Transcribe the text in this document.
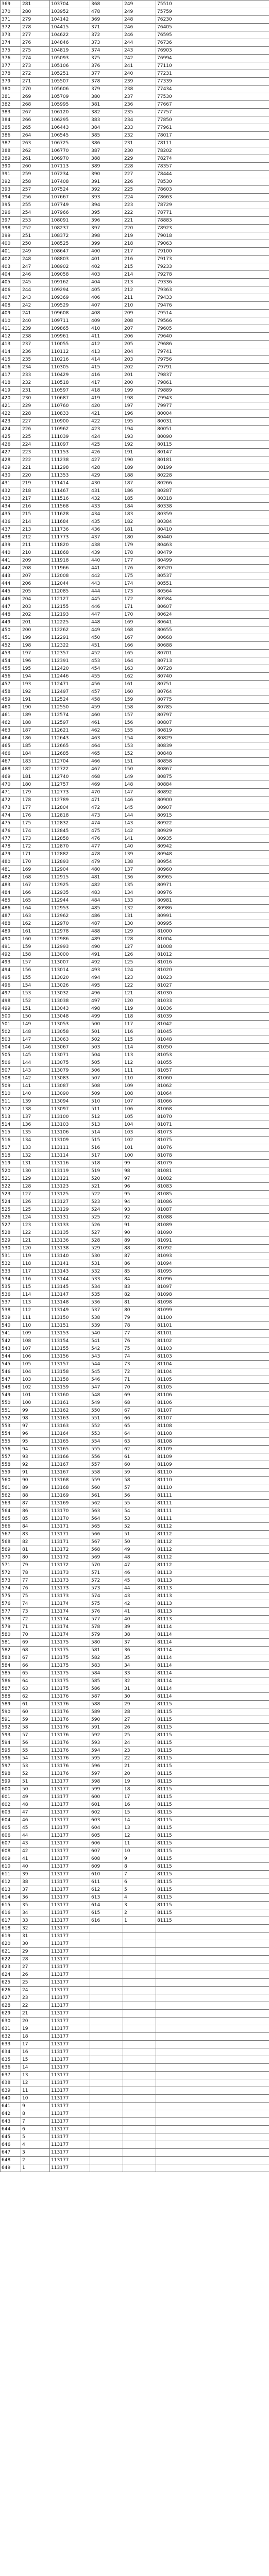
369	281	103704	368	249	75510
370	280	103952	478	249	75759
371	279	104142	369	248	76230
372	278	104415	371	246	76405
373	277	104622	372	246	76595
374	276	104846	373	244	76736
375	275	104819	374	243	76903
376	274	105093	375	242	76994
377	273	105106	376	241	77110
378	272	105251	377	240	77231
379	271	105507	378	239	77339
380	270	105606	379	238	77434
381	269	105709	380	237	77530
382	268	105995	381	236	77667
383	267	106120	382	235	77757
384	266	106295	383	234	77850
385	265	106443	384	233	77961
386	264	106545	385	232	78017
387	263	106725	386	231	78111
388	262	106770	387	230	78202
389	261	106970	388	229	78274
390	260	107113	389	228	78357
391	259	107234	390	227	78444
392	258	107408	391	226	78530
393	257	107524	392	225	78603
394	256	107667	393	224	78663
395	255	107749	394	223	78729
396	254	107966	395	222	78771
397	253	108091	396	221	78883
398	252	108237	397	220	78923
399	251	108372	398	219	79018
400	250	108525	399	218	79063
401	249	108647	400	217	79100
402	248	108803	401	216	79173
403	247	108902	402	215	79233
404	246	109058	403	214	79278
405	245	109162	404	213	79336
406	244	109294	405	212	79363
407	243	109369	406	211	79433
408	242	109529	407	210	79476
409	241	109608	408	209	79514
410	240	109711	409	208	79566
411	239	109865	410	207	79605
412	238	109961	411	206	79640
413	237	110055	412	205	79686
414	236	110112	413	204	79741
415	235	110216	414	203	79756
416	234	110305	415	202	79791
417	233	110429	416	201	79837
418	232	110518	417	200	79861
419	231	110597	418	199	79889
420	230	110687	419	198	79943
421	229	110760	420	197	79977
422	228	110833	421	196	80004
423	227	110900	422	195	80031
424	226	110962	423	194	80051
425	225	111039	424	193	80090
426	224	111097	425	192	80115
427	223	111153	426	191	80147
428	222	111238	427	190	80181
429	221	111298	428	189	80199
430	220	111353	429	188	80228
431	219	111414	430	187	80266
432	218	111467	431	186	80287
433	217	111516	432	185	80318
434	216	111568	433	184	80338
435	215	111628	434	183	80359
436	214	111684	435	182	80384
437	213	111736	436	181	80410
438	212	111773	437	180	80440
439	211	111820	438	179	80463
440	210	111868	439	178	80479
441	209	111918	440	177	80499
442	208	111966	441	176	80520
443	207	112008	442	175	80537
444	206	112044	443	174	80551
445	205	112085	444	173	80564
446	204	112127	445	172	80584
447	203	112155	446	171	80607
448	202	112193	447	170	80624
449	201	112225	448	169	80641
450	200	112262	449	168	80655
451	199	112291	450	167	80668
452	198	112322	451	166	80688
453	197	112357	452	165	80701
454	196	112391	453	164	80713
455	195	112420	454	163	80728
456	194	112446	455	162	80740
457	193	112471	456	161	80751
458	192	112497	457	160	80764
459	191	112524	458	159	80775
460	190	112550	459	158	80785
461	189	112574	460	157	80797
462	188	112597	461	156	80807
463	187	112621	462	155	80819
464	186	112643	463	154	80829
465	185	112665	464	153	80839
466	184	112685	465	152	80848
467	183	112704	466	151	80858
468	182	112722	467	150	80867
469	181	112740	468	149	80875
470	180	112757	469	148	80884
471	179	112773	470	147	80892
472	178	112789	471	146	80900
473	177	112804	472	145	80907
474	176	112818	473	144	80915
475	175	112832	474	143	80922
476	174	112845	475	142	80929
477	173	112858	476	141	80935
478	172	112870	477	140	80942
479	171	112882	478	139	80948
480	170	112893	479	138	80954
481	169	112904	480	137	80960
482	168	112915	481	136	80965
483	167	112925	482	135	80971
484	166	112935	483	134	80976
485	165	112944	484	133	80981
486	164	112953	485	132	80986
487	163	112962	486	131	80991
488	162	112970	487	130	80995
489	161	112978	488	129	81000
490	160	112986	489	128	81004
491	159	112993	490	127	81008
492	158	113000	491	126	81012
493	157	113007	492	125	81016
494	156	113014	493	124	81020
495	155	113020	494	123	81023
496	154	113026	495	122	81027
497	153	113032	496	121	81030
498	152	113038	497	120	81033
499	151	113043	498	119	81036
500	150	113048	499	118	81039
501	149	113053	500	117	81042
502	148	113058	501	116	81045
503	147	113063	502	115	81048
504	146	113067	503	114	81050
505	145	113071	504	113	81053
506	144	113075	505	112	81055
507	143	113079	506	111	81057
508	142	113083	507	110	81060
509	141	113087	508	109	81062
510	140	113090	509	108	81064
511	139	113094	510	107	81066
512	138	113097	511	106	81068
513	137	113100	512	105	81070
514	136	113103	513	104	81071
515	135	113106	514	103	81073
516	134	113109	515	102	81075
517	133	113111	516	101	81076
518	132	113114	517	100	81078
519	131	113116	518	99	81079
520	130	113119	519	98	81081
521	129	113121	520	97	81082
522	128	113123	521	96	81083
523	127	113125	522	95	81085
524	126	113127	523	94	81086
525	125	113129	524	93	81087
526	124	113131	525	92	81088
527	123	113133	526	91	81089
528	122	113135	527	90	81090
529	121	113136	528	89	81091
530	120	113138	529	88	81092
531	119	113140	530	87	81093
532	118	113141	531	86	81094
533	117	113143	532	85	81095
534	116	113144	533	84	81096
535	115	113145	534	83	81097
536	114	113147	535	82	81098
537	113	113148	536	81	81098
538	112	113149	537	80	81099
539	111	113150	538	79	81100
540	110	113151	539	78	81101
541	109	113153	540	77	81101
542	108	113154	541	76	81102
543	107	113155	542	75	81103
544	106	113156	543	74	81103
545	105	113157	544	73	81104
546	104	113158	545	72	81104
547	103	113158	546	71	81105
548	102	113159	547	70	81105
549	101	113160	548	69	81106
550	100	113161	549	68	81106
551	99	113162	550	67	81107
552	98	113163	551	66	81107
553	97	113163	552	65	81108
554	96	113164	553	64	81108
555	95	113165	554	63	81108
556	94	113165	555	62	81109
557	93	113166	556	61	81109
558	92	113167	557	60	81109
559	91	113167	558	59	81110
560	90	113168	559	58	81110
561	89	113168	560	57	81110
562	88	113169	561	56	81111
563	87	113169	562	55	81111
564	86	113170	563	54	81111
565	85	113170	564	53	81111
566	84	113171	565	52	81112
567	83	113171	566	51	81112
568	82	113171	567	50	81112
569	81	113172	568	49	81112
570	80	113172	569	48	81112
571	79	113172	570	47	81112
572	78	113173	571	46	81113
573	77	113173	572	45	81113
574	76	113173	573	44	81113
575	75	113173	574	43	81113
576	74	113174	575	42	81113
577	73	113174	576	41	81113
578	72	113174	577	40	81113
579	71	113174	578	39	81114
580	70	113174	579	38	81114
581	69	113175	580	37	81114
582	68	113175	581	36	81114
583	67	113175	582	35	81114
584	66	113175	583	34	81114
585	65	113175	584	33	81114
586	64	113175	585	32	81114
587	63	113175	586	31	81114
588	62	113176	587	30	81114
589	61	113176	588	29	81115
590	60	113176	589	28	81115
591	59	113176	590	27	81115
592	58	113176	591	26	81115
593	57	113176	592	25	81115
594	56	113176	593	24	81115
595	55	113176	594	23	81115
596	54	113176	595	22	81115
597	53	113176	596	21	81115
598	52	113176	597	20	81115
599	51	113177	598	19	81115
600	50	113177	599	18	81115
601	49	113177	600	17	81115
602	48	113177	601	16	81115
603	47	113177	602	15	81115
604	46	113177	603	14	81115
605	45	113177	604	13	81115
606	44	113177	605	12	81115
607	43	113177	606	11	81115
608	42	113177	607	10	81115
609	41	113177	608	9	81115
610	40	113177	609	8	81115
611	39	113177	610	7	81115
612	38	113177	611	6	81115
613	37	113177	612	5	81115
614	36	113177	613	4	81115
615	35	113177	614	3	81115
616	34	113177	615	2	81115
617	33	113177	616	1	81115
618	32	113177			
619	31	113177			
620	30	113177			
621	29	113177			
622	28	113177			
623	27	113177			
624	26	113177			
625	25	113177			
626	24	113177			
627	23	113177			
628	22	113177			
629	21	113177			
630	20	113177			
631	19	113177			
632	18	113177			
633	17	113177			
634	16	113177			
635	15	113177			
636	14	113177			
637	13	113177			
638	12	113177			
639	11	113177			
640	10	113177			
641	9	113177			
642	8	113177			
643	7	113177			
644	6	113177			
645	5	113177			
646	4	113177			
647	3	113177			
648	2	113177			
649	1	113177			
